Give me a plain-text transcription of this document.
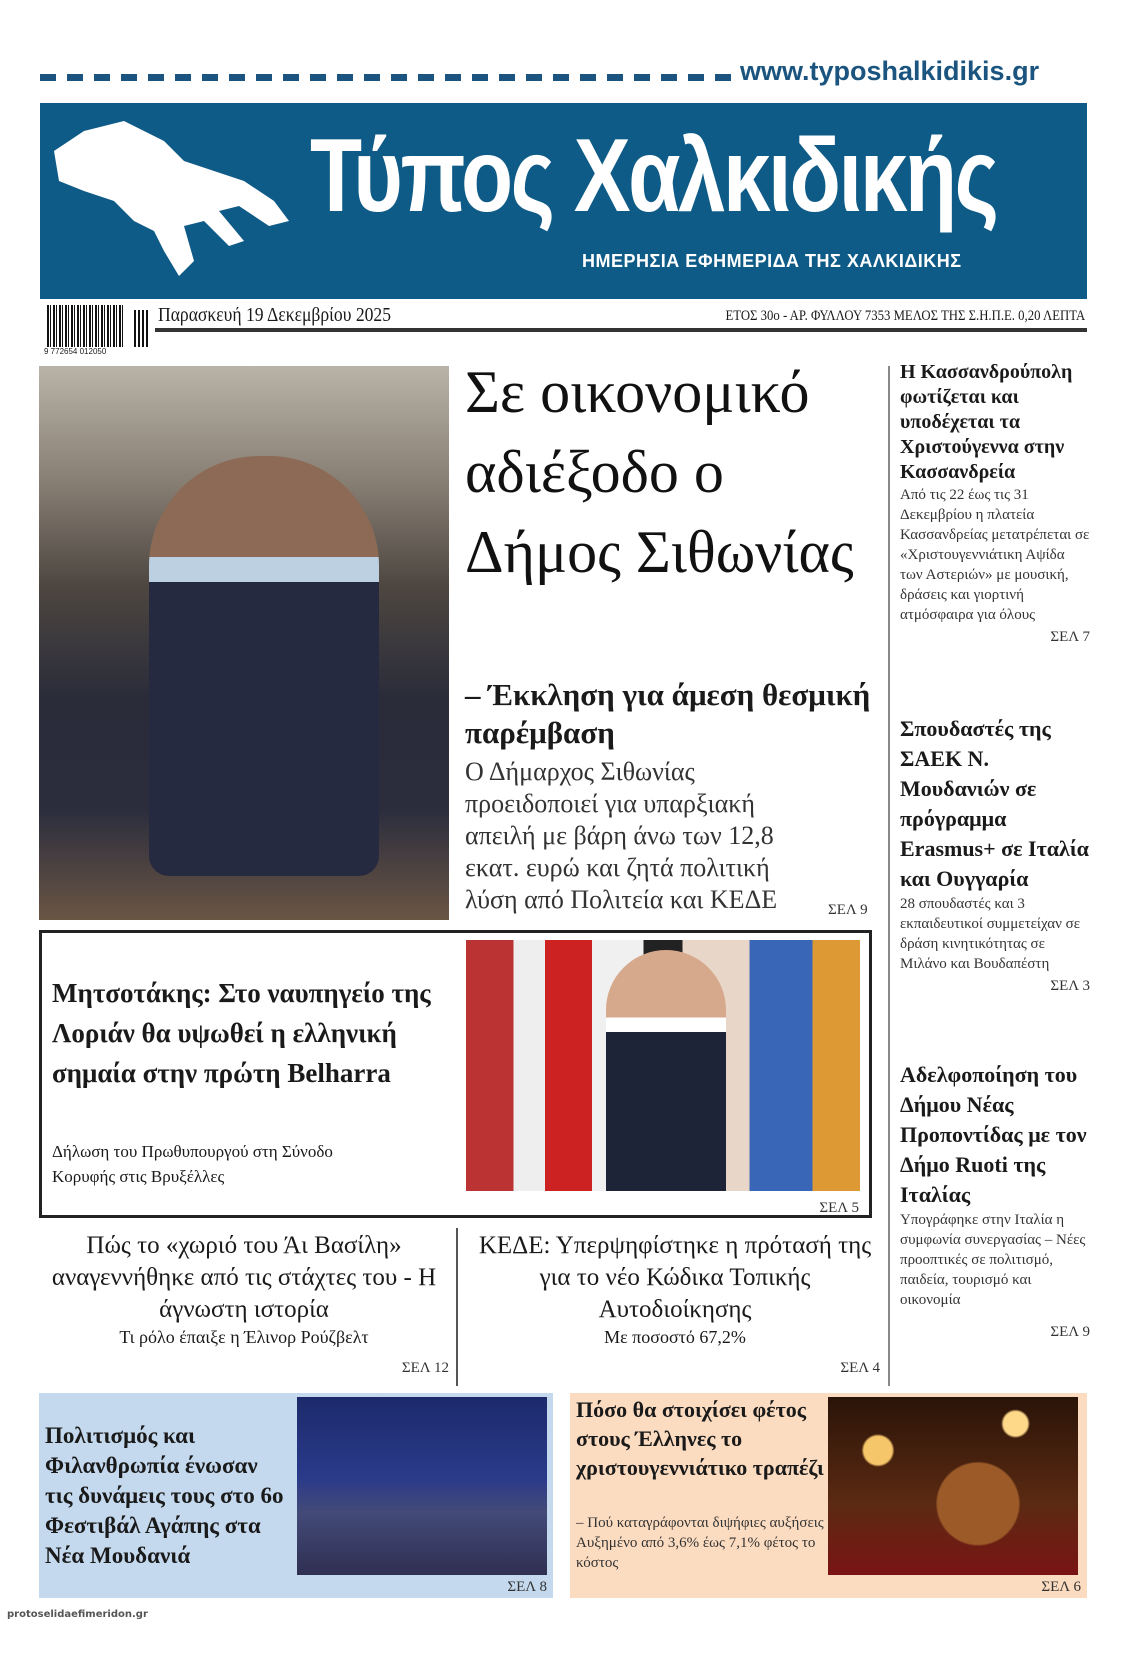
www.typoshalkidikis.gr
Τύπος Χαλκιδικής
ΗΜΕΡΗΣΙΑ ΕΦΗΜΕΡΙΔΑ ΤΗΣ ΧΑΛΚΙΔΙΚΗΣ
9 772654 012050
Παρασκευή 19 Δεκεμβρίου 2025	ΕΤΟΣ 30ο - ΑΡ. ΦΥΛΛΟΥ 7353 ΜΕΛΟΣ ΤΗΣ Σ.Η.Π.Ε. 0,20 ΛΕΠΤΑ
Σε οικονομικό αδιέξοδο ο Δήμος Σιθωνίας
– Έκκληση για άμεση θεσμική παρέμβαση
Ο Δήμαρχος Σιθωνίας προειδοποιεί για υπαρξιακή απειλή με βάρη άνω των 12,8 εκατ. ευρώ και ζητά πολιτική λύση από Πολιτεία και ΚΕΔΕ	ΣΕΛ 9
Η Κασσανδρούπολη φωτίζεται και υποδέχεται τα Χριστούγεννα στην Κασσανδρεία

Από τις 22 έως τις 31 Δεκεμβρίου η πλατεία Κασσανδρείας μετατρέπεται σε «Χριστουγεννιάτικη Αψίδα των Αστεριών» με μουσική, δράσεις και γιορτινή ατμόσφαιρα για όλους

ΣΕΛ 7

Σπουδαστές της ΣΑΕΚ Ν. Μουδανιών σε πρόγραμμα Erasmus+ σε Ιταλία και Ουγγαρία

28 σπουδαστές και 3 εκπαιδευτικοί συμμετείχαν σε δράση κινητικότητας σε Μιλάνο και Βουδαπέστη

ΣΕΛ 3

Αδελφοποίηση του Δήμου Νέας Προποντίδας με τον Δήμο Ruoti της Ιταλίας

Υπογράφηκε στην Ιταλία η συμφωνία συνεργασίας – Νέες προοπτικές σε πολιτισμό, παιδεία, τουρισμό και οικονομία

ΣΕΛ 9

Μητσοτάκης: Στο ναυπηγείο της Λοριάν θα υψωθεί η ελληνική σημαία στην πρώτη Belharra

Δήλωση του Πρωθυπουργού στη Σύνοδο Κορυφής στις Βρυξέλλες

ΣΕΛ 5
Πώς το «χωριό του Άι Βασίλη» αναγεννήθηκε από τις στάχτες του - Η άγνωστη ιστορία
Τι ρόλο έπαιξε η Έλινορ Ρούζβελτ
ΣΕΛ 12
ΚΕΔΕ: Υπερψηφίστηκε η πρότασή της για το νέο Κώδικα Τοπικής Αυτοδιοίκησης
Με ποσοστό 67,2%
ΣΕΛ 4
Πολιτισμός και Φιλανθρωπία ένωσαν τις δυνάμεις τους στο 6ο Φεστιβάλ Αγάπης στα Νέα Μουδανιά
ΣΕΛ 8
Πόσο θα στοιχίσει φέτος στους Έλληνες το χριστουγεννιάτικο τραπέζι

– Πού καταγράφονται διψήφιες αυξήσεις
Αυξημένο από 3,6% έως 7,1% φέτος το κόστος

ΣΕΛ 6
protoselidaefimeridon.gr
